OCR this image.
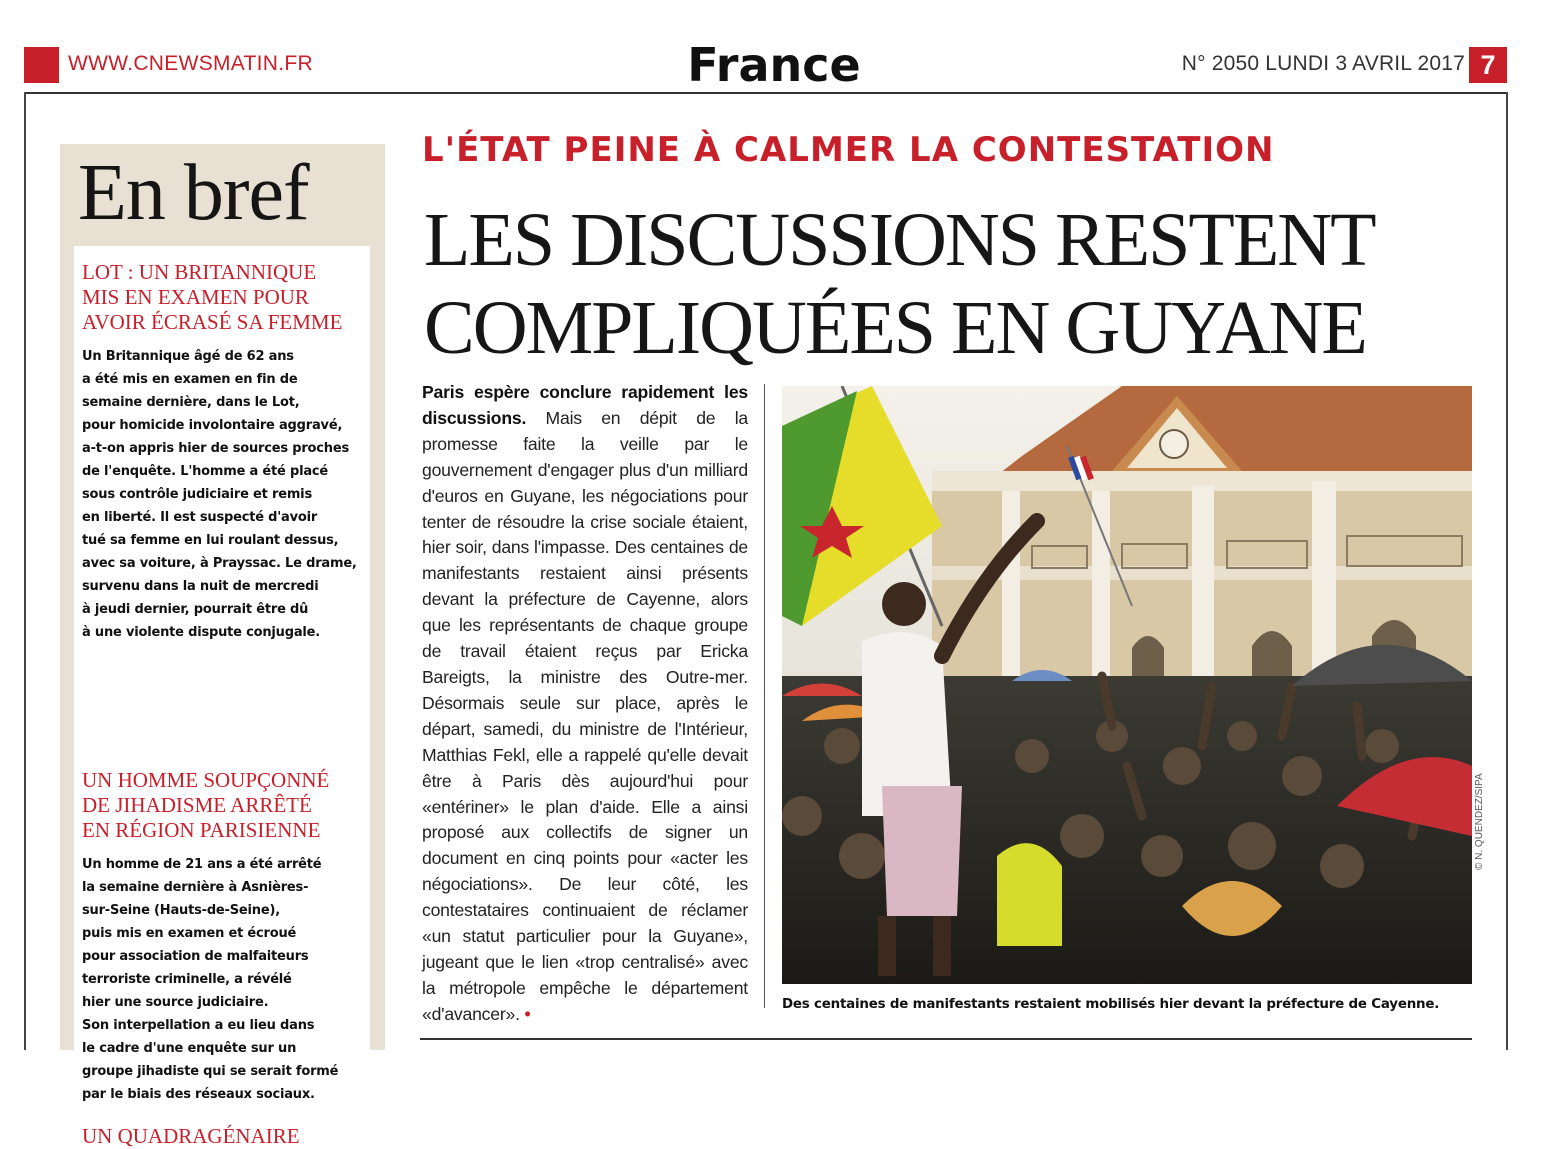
WWW.CNEWSMATIN.FR	France	N° 2050 LUNDI 3 AVRIL 2017 7
En bref
LOT : UN BRITANNIQUE
MIS EN EXAMEN POUR
AVOIR ÉCRASÉ SA FEMME

Un Britannique âgé de 62 ans
a été mis en examen en fin de
semaine dernière, dans le Lot,
pour homicide involontaire aggravé,
a-t-on appris hier de sources proches
de l'enquête. L'homme a été placé
sous contrôle judiciaire et remis
en liberté. Il est suspecté d'avoir
tué sa femme en lui roulant dessus,
avec sa voiture, à Prayssac. Le drame,
survenu dans la nuit de mercredi
à jeudi dernier, pourrait être dû
à une violente dispute conjugale.

UN HOMME SOUPÇONNÉ
DE JIHADISME ARRÊTÉ
EN RÉGION PARISIENNE

Un homme de 21 ans a été arrêté
la semaine dernière à Asnières-
sur-Seine (Hauts-de-Seine),
puis mis en examen et écroué
pour association de malfaiteurs
terroriste criminelle, a révélé
hier une source judiciaire.
Son interpellation a eu lieu dans
le cadre d'une enquête sur un
groupe jihadiste qui se serait formé
par le biais des réseaux sociaux.

UN QUADRAGÉNAIRE
L'ÉTAT PEINE À CALMER LA CONTESTATION
LES DISCUSSIONS RESTENT
COMPLIQUÉES EN GUYANE
Paris espère conclure rapidement les discussions. Mais en dépit de la promesse faite la veille par le gouvernement d'engager plus d'un milliard d'euros en Guyane, les négociations pour tenter de résoudre la crise sociale étaient, hier soir, dans l'impasse. Des centaines de manifestants restaient ainsi présents devant la préfecture de Cayenne, alors que les représentants de chaque groupe de travail étaient reçus par Ericka Bareigts, la ministre des Outre-mer. Désormais seule sur place, après le départ, samedi, du ministre de l'Intérieur, Matthias Fekl, elle a rappelé qu'elle devait être à Paris dès aujourd'hui pour «entériner» le plan d'aide. Elle a ainsi proposé aux collectifs de signer un document en cinq points pour «acter les négociations». De leur côté, les contestataires continuaient de réclamer «un statut particulier pour la Guyane», jugeant que le lien «trop centralisé» avec la métropole empêche le département «d'avancer». •
© N. QUENDEZ/SIPA
Des centaines de manifestants restaient mobilisés hier devant la préfecture de Cayenne.
